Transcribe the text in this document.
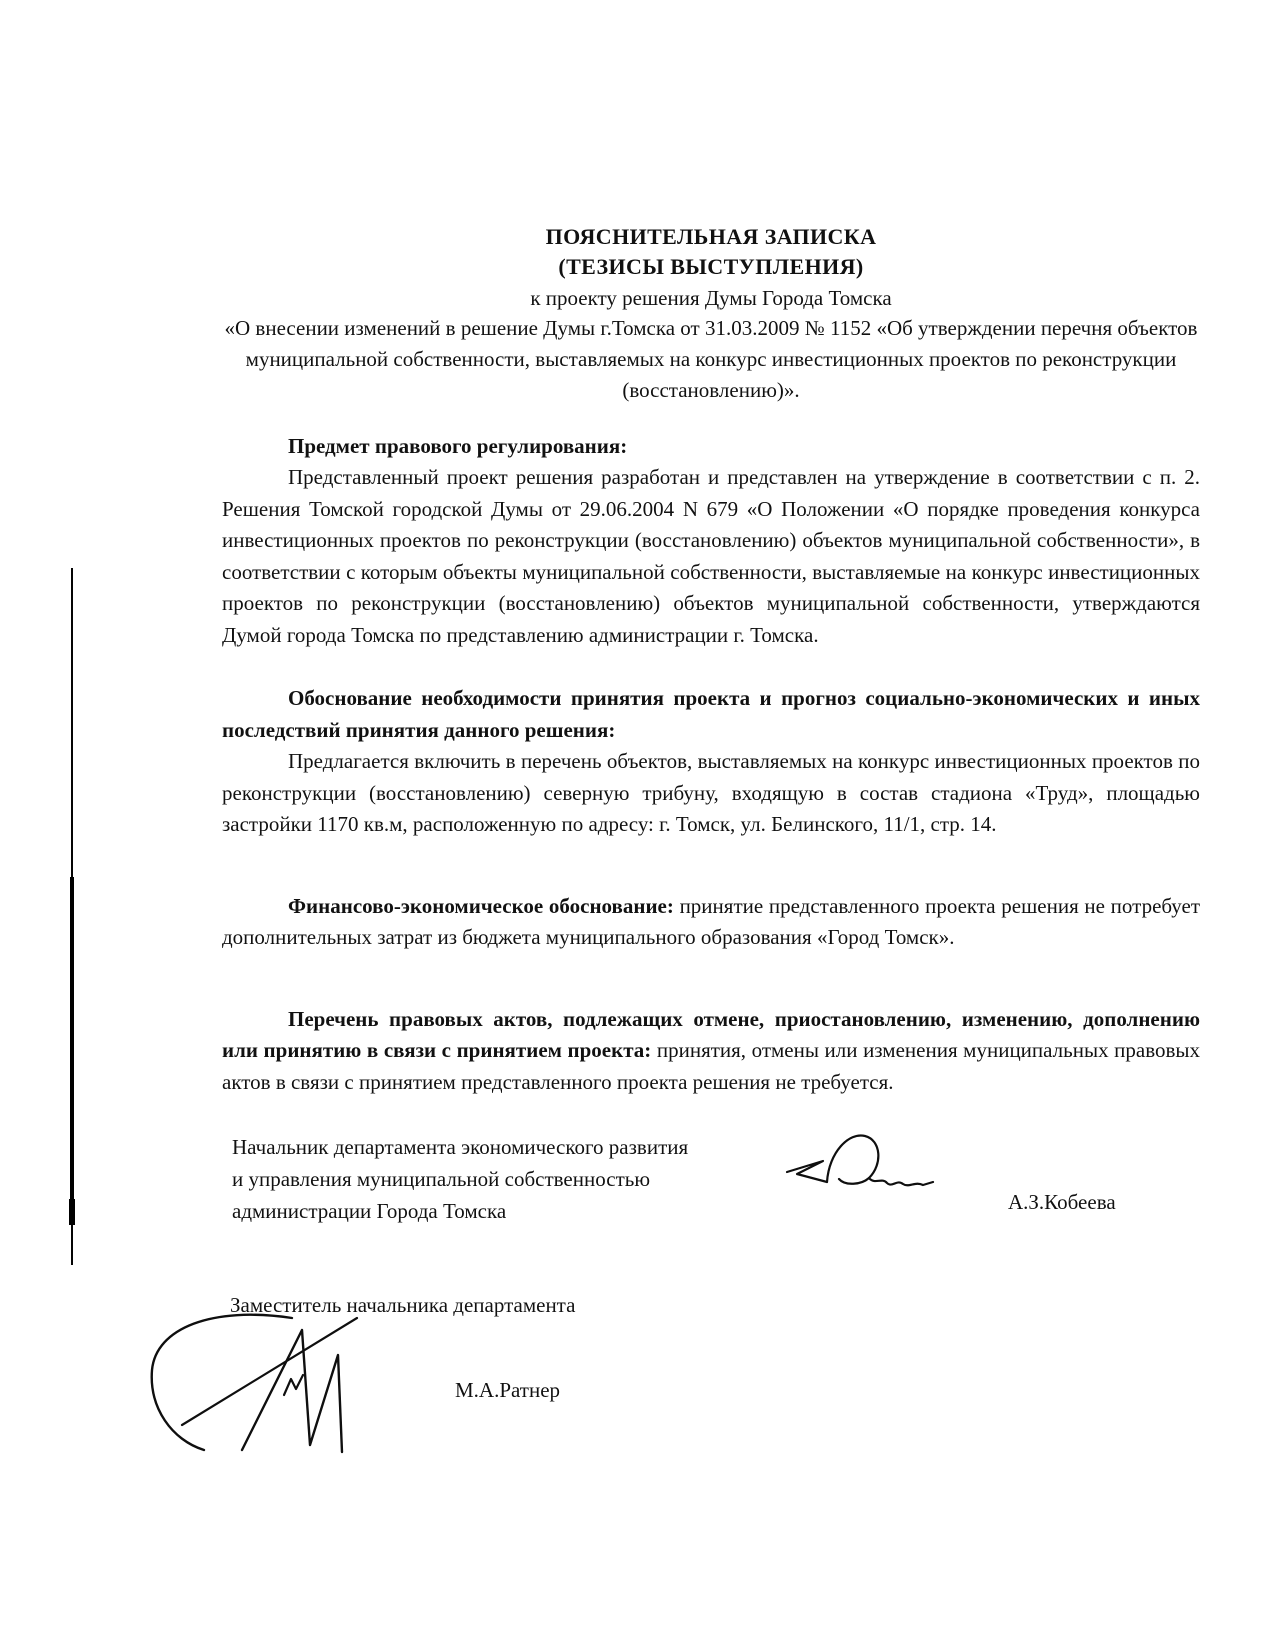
ПОЯСНИТЕЛЬНАЯ ЗАПИСКА
(ТЕЗИСЫ ВЫСТУПЛЕНИЯ)
к проекту решения Думы Города Томска
«О внесении изменений в решение Думы г.Томска от 31.03.2009 № 1152 «Об утверждении перечня объектов муниципальной собственности, выставляемых на конкурс инвестиционных проектов по реконструкции (восстановлению)».
Предмет правового регулирования:

Представленный проект решения разработан и представлен на утверждение в соответствии с п. 2. Решения Томской городской Думы от 29.06.2004 N 679 «О Положении «О порядке проведения конкурса инвестиционных проектов по реконструкции (восстановлению) объектов муниципальной собственности», в соответствии с которым объекты муниципальной собственности, выставляемые на конкурс инвестиционных проектов по реконструкции (восстановлению) объектов муниципальной собственности, утверждаются Думой города Томска по представлению администрации г. Томска.

Обоснование необходимости принятия проекта и прогноз социально-экономических и иных последствий принятия данного решения:

Предлагается включить в перечень объектов, выставляемых на конкурс инвестиционных проектов по реконструкции (восстановлению) северную трибуну, входящую в состав стадиона «Труд», площадью застройки 1170 кв.м, расположенную по адресу: г. Томск, ул. Белинского, 11/1, стр. 14.

Финансово-экономическое обоснование: принятие представленного проекта решения не потребует дополнительных затрат из бюджета муниципального образования «Город Томск».

Перечень правовых актов, подлежащих отмене, приостановлению, изменению, дополнению или принятию в связи с принятием проекта: принятия, отмены или изменения муниципальных правовых актов в связи с принятием представленного проекта решения не требуется.

Начальник департамента экономического развития
и управления муниципальной собственностью
администрации Города Томска	А.З.Кобеева
Заместитель начальника департамента
М.А.Ратнер
